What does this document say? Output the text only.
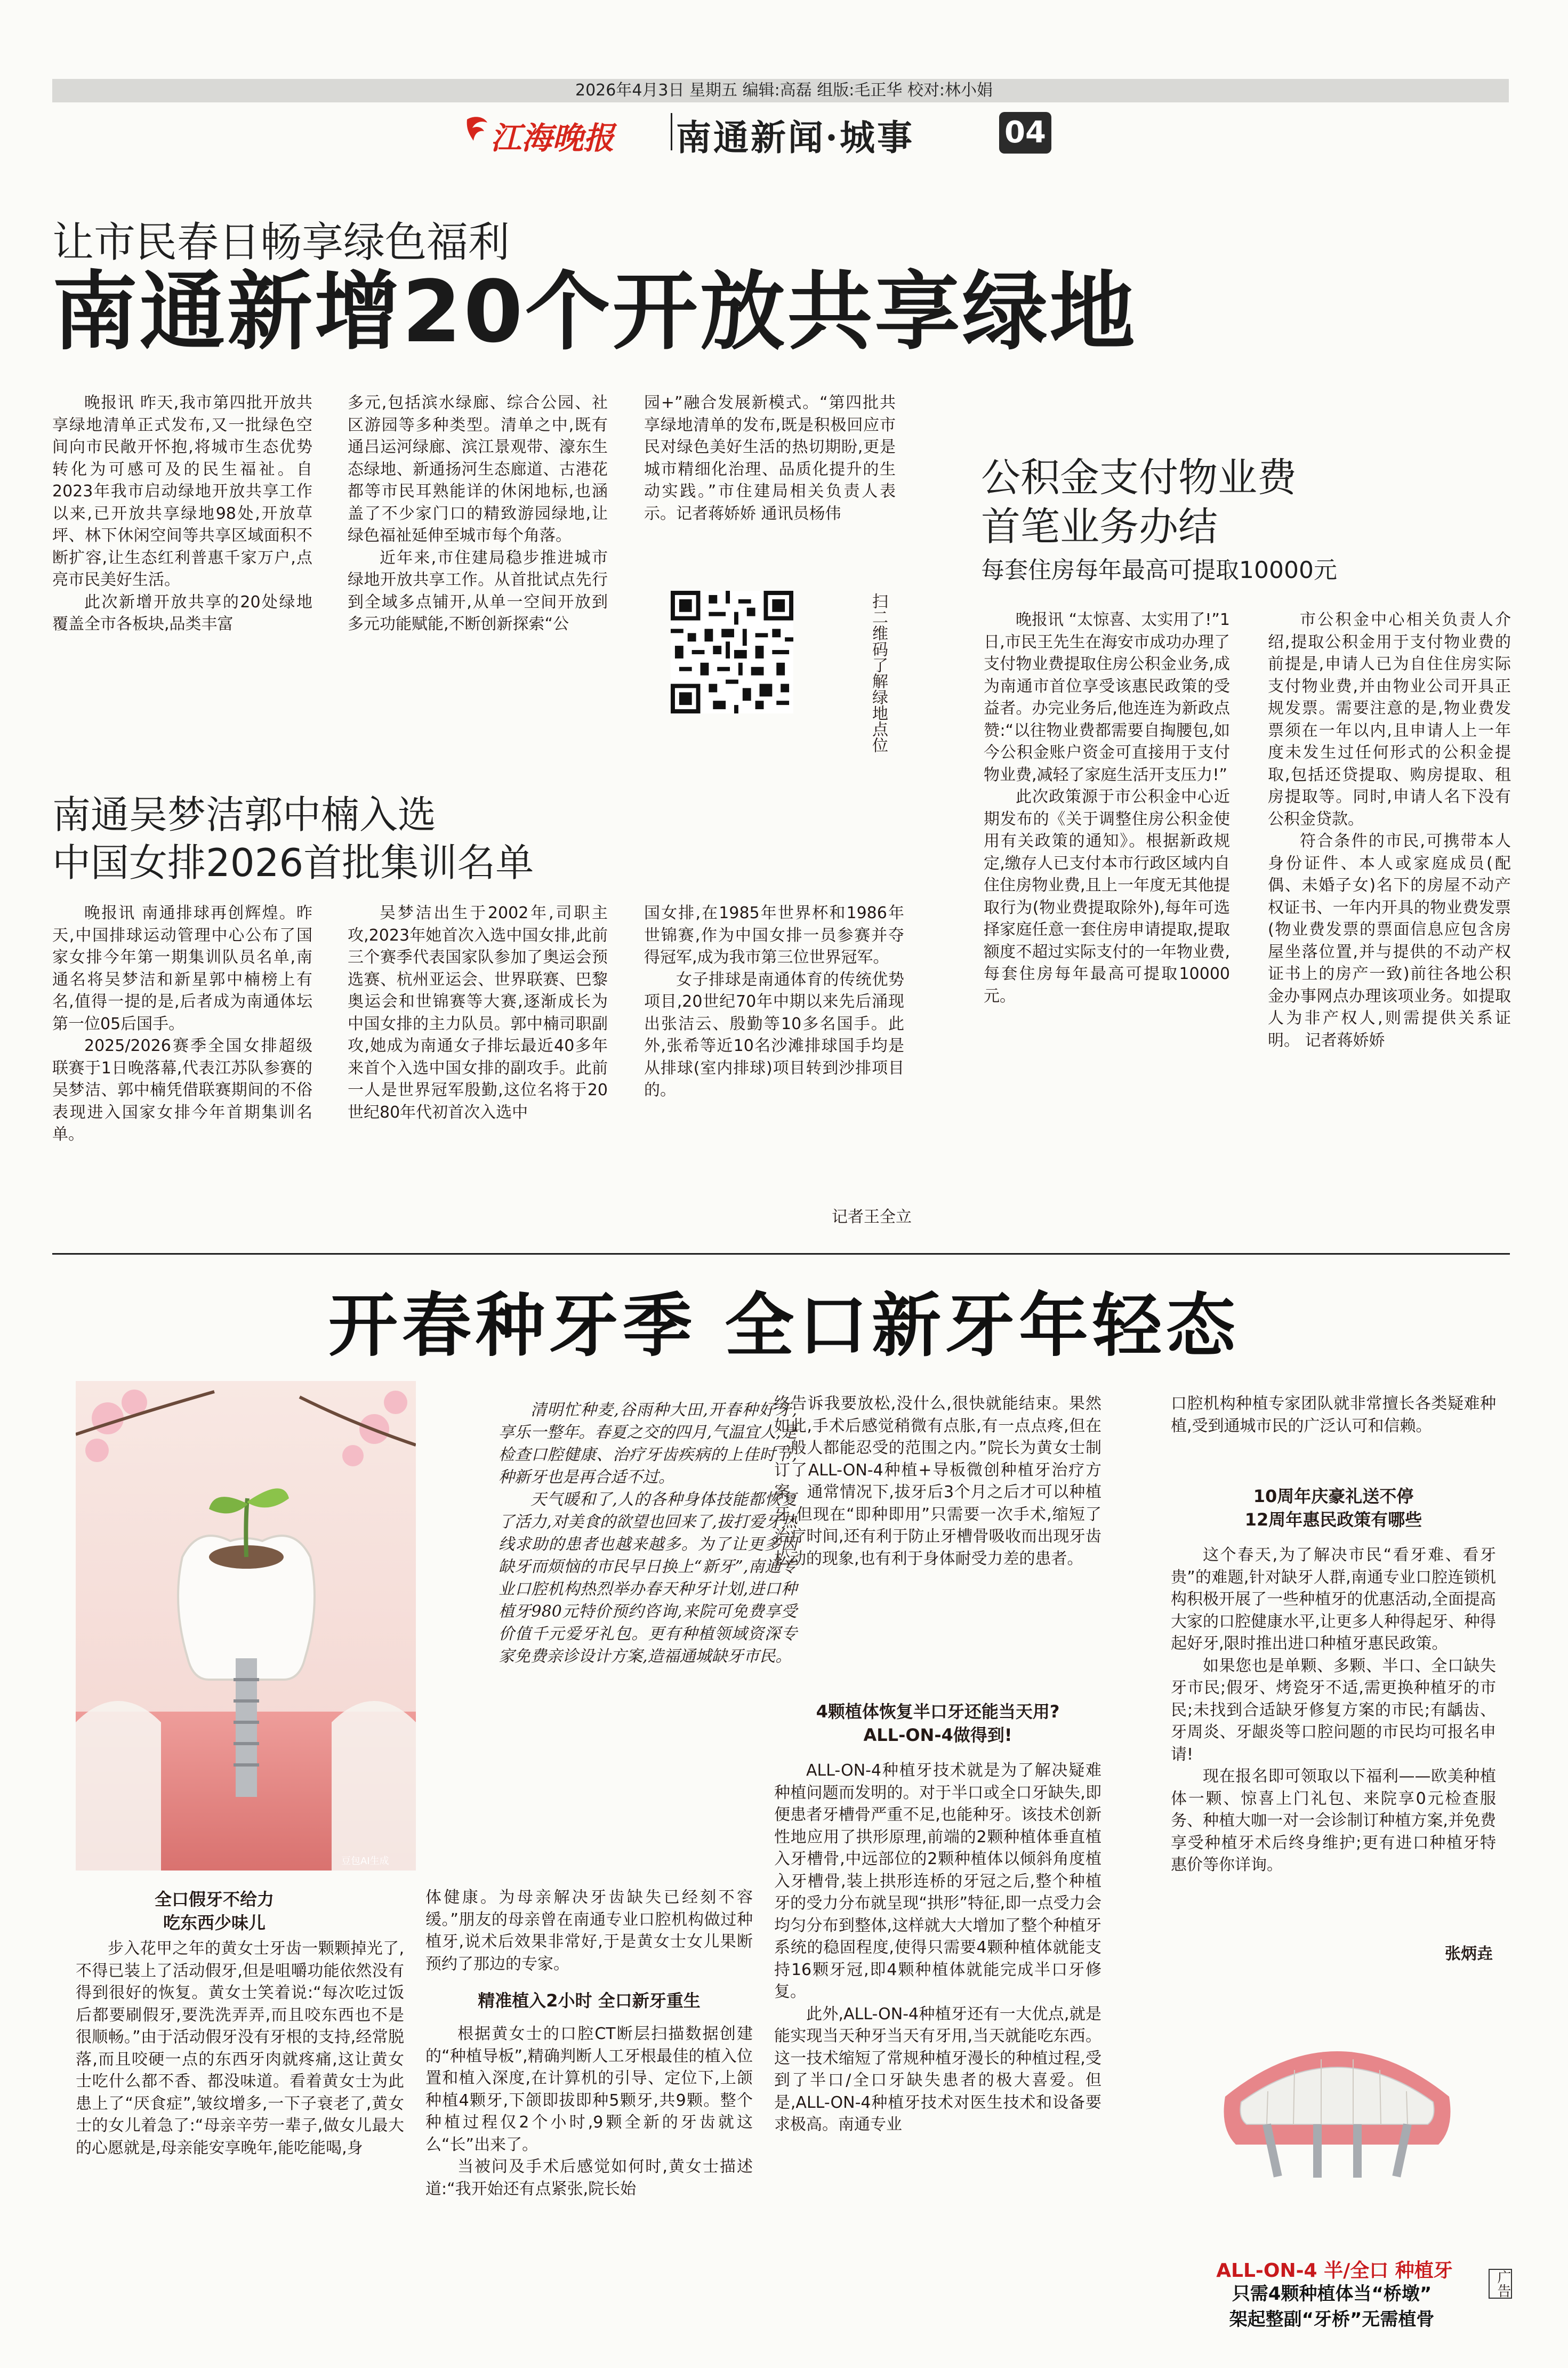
2026年4月3日 星期五 编辑:高磊 组版:毛正华 校对:林小娟
江海晚报 南通新闻·城事	04
让市民春日畅享绿色福利
南通新增20个开放共享绿地

晚报讯 昨天,我市第四批开放共享绿地清单正式发布,又一批绿色空间向市民敞开怀抱,将城市生态优势转化为可感可及的民生福祉。自2023年我市启动绿地开放共享工作以来,已开放共享绿地98处,开放草坪、林下休闲空间等共享区域面积不断扩容,让生态红利普惠千家万户,点亮市民美好生活。

此次新增开放共享的20处绿地覆盖全市各板块,品类丰富

多元,包括滨水绿廊、综合公园、社区游园等多种类型。清单之中,既有通吕运河绿廊、滨江景观带、濠东生态绿地、新通扬河生态廊道、古港花都等市民耳熟能详的休闲地标,也涵盖了不少家门口的精致游园绿地,让绿色福祉延伸至城市每个角落。

近年来,市住建局稳步推进城市绿地开放共享工作。从首批试点先行到全域多点铺开,从单一空间开放到多元功能赋能,不断创新探索“公

园+”融合发展新模式。“第四批共享绿地清单的发布,既是积极回应市民对绿色美好生活的热切期盼,更是城市精细化治理、品质化提升的生动实践。”市住建局相关负责人表示。记者蒋娇娇 通讯员杨伟

扫二维码了解绿地点位
公积金支付物业费
首笔业务办结
每套住房每年最高可提取10000元

晚报讯 “太惊喜、太实用了!”1日,市民王先生在海安市成功办理了支付物业费提取住房公积金业务,成为南通市首位享受该惠民政策的受益者。办完业务后,他连连为新政点赞:“以往物业费都需要自掏腰包,如今公积金账户资金可直接用于支付物业费,减轻了家庭生活开支压力!”

此次政策源于市公积金中心近期发布的《关于调整住房公积金使用有关政策的通知》。根据新政规定,缴存人已支付本市行政区域内自住住房物业费,且上一年度无其他提取行为(物业费提取除外),每年可选择家庭任意一套住房申请提取,提取额度不超过实际支付的一年物业费,每套住房每年最高可提取10000元。

市公积金中心相关负责人介绍,提取公积金用于支付物业费的前提是,申请人已为自住住房实际支付物业费,并由物业公司开具正规发票。需要注意的是,物业费发票须在一年以内,且申请人上一年度未发生过任何形式的公积金提取,包括还贷提取、购房提取、租房提取等。同时,申请人名下没有公积金贷款。

符合条件的市民,可携带本人身份证件、本人或家庭成员(配偶、未婚子女)名下的房屋不动产权证书、一年内开具的物业费发票(物业费发票的票面信息应包含房屋坐落位置,并与提供的不动产权证书上的房产一致)前往各地公积金办事网点办理该项业务。如提取人为非产权人,则需提供关系证明。 记者蒋娇娇

南通吴梦洁郭中楠入选
中国女排2026首批集训名单

晚报讯 南通排球再创辉煌。昨天,中国排球运动管理中心公布了国家女排今年第一期集训队员名单,南通名将吴梦洁和新星郭中楠榜上有名,值得一提的是,后者成为南通体坛第一位05后国手。

2025/2026赛季全国女排超级联赛于1日晚落幕,代表江苏队参赛的吴梦洁、郭中楠凭借联赛期间的不俗表现进入国家女排今年首期集训名单。

吴梦洁出生于2002年,司职主攻,2023年她首次入选中国女排,此前三个赛季代表国家队参加了奥运会预选赛、杭州亚运会、世界联赛、巴黎奥运会和世锦赛等大赛,逐渐成长为中国女排的主力队员。郭中楠司职副攻,她成为南通女子排坛最近40多年来首个入选中国女排的副攻手。此前一人是世界冠军殷勤,这位名将于20世纪80年代初首次入选中

国女排,在1985年世界杯和1986年世锦赛,作为中国女排一员参赛并夺得冠军,成为我市第三位世界冠军。

女子排球是南通体育的传统优势项目,20世纪70年中期以来先后涌现出张洁云、殷勤等10多名国手。此外,张希等近10名沙滩排球国手均是从排球(室内排球)项目转到沙排项目的。

记者王全立
开春种牙季 全口新牙年轻态
豆包AI生成

清明忙种麦,谷雨种大田,开春种好牙,享乐一整年。春夏之交的四月,气温宜人,是检查口腔健康、治疗牙齿疾病的上佳时节,种新牙也是再合适不过。

天气暖和了,人的各种身体技能都恢复了活力,对美食的欲望也回来了,拔打爱牙热线求助的患者也越来越多。为了让更多因缺牙而烦恼的市民早日换上“新牙”,南通专业口腔机构热烈举办春天种牙计划,进口种植牙980元特价预约咨询,来院可免费享受价值千元爱牙礼包。更有种植领域资深专家免费亲诊设计方案,造福通城缺牙市民。

全口假牙不给力
吃东西少味儿

步入花甲之年的黄女士牙齿一颗颗掉光了,不得已装上了活动假牙,但是咀嚼功能依然没有得到很好的恢复。黄女士笑着说:“每次吃过饭后都要刷假牙,要洗洗弄弄,而且咬东西也不是很顺畅。”由于活动假牙没有牙根的支持,经常脱落,而且咬硬一点的东西牙肉就疼痛,这让黄女士吃什么都不香、都没味道。看着黄女士为此患上了“厌食症”,皱纹增多,一下子衰老了,黄女士的女儿着急了:“母亲辛劳一辈子,做女儿最大的心愿就是,母亲能安享晚年,能吃能喝,身

体健康。为母亲解决牙齿缺失已经刻不容缓。”朋友的母亲曾在南通专业口腔机构做过种植牙,说术后效果非常好,于是黄女士女儿果断预约了那边的专家。

精准植入2小时 全口新牙重生

根据黄女士的口腔CT断层扫描数据创建的“种植导板”,精确判断人工牙根最佳的植入位置和植入深度,在计算机的引导、定位下,上颌种植4颗牙,下颌即拔即种5颗牙,共9颗。整个种植过程仅2个小时,9颗全新的牙齿就这么“长”出来了。

当被问及手术后感觉如何时,黄女士描述道:“我开始还有点紧张,院长始

终告诉我要放松,没什么,很快就能结束。果然如此,手术后感觉稍微有点胀,有一点点疼,但在一般人都能忍受的范围之内。”院长为黄女士制订了ALL-ON-4种植+导板微创种植牙治疗方案。通常情况下,拔牙后3个月之后才可以种植牙,但现在“即种即用”只需要一次手术,缩短了治疗时间,还有利于防止牙槽骨吸收而出现牙齿松动的现象,也有利于身体耐受力差的患者。

4颗植体恢复半口牙还能当天用?
ALL-ON-4做得到!

ALL-ON-4种植牙技术就是为了解决疑难种植问题而发明的。对于半口或全口牙缺失,即便患者牙槽骨严重不足,也能种牙。该技术创新性地应用了拱形原理,前端的2颗种植体垂直植入牙槽骨,中远部位的2颗种植体以倾斜角度植入牙槽骨,装上拱形连桥的牙冠之后,整个种植牙的受力分布就呈现“拱形”特征,即一点受力会均匀分布到整体,这样就大大增加了整个种植牙系统的稳固程度,使得只需要4颗种植体就能支持16颗牙冠,即4颗种植体就能完成半口牙修复。

此外,ALL-ON-4种植牙还有一大优点,就是能实现当天种牙当天有牙用,当天就能吃东西。这一技术缩短了常规种植牙漫长的种植过程,受到了半口/全口牙缺失患者的极大喜爱。但是,ALL-ON-4种植牙技术对医生技术和设备要求极高。南通专业

口腔机构种植专家团队就非常擅长各类疑难种植,受到通城市民的广泛认可和信赖。

10周年庆豪礼送不停
12周年惠民政策有哪些

这个春天,为了解决市民“看牙难、看牙贵”的难题,针对缺牙人群,南通专业口腔连锁机构积极开展了一些种植牙的优惠活动,全面提高大家的口腔健康水平,让更多人种得起牙、种得起好牙,限时推出进口种植牙惠民政策。

如果您也是单颗、多颗、半口、全口缺失牙市民;假牙、烤瓷牙不适,需更换种植牙的市民;未找到合适缺牙修复方案的市民;有龋齿、牙周炎、牙龈炎等口腔问题的市民均可报名申请!

现在报名即可领取以下福利——欧美种植体一颗、惊喜上门礼包、来院享0元检查服务、种植大咖一对一会诊制订种植方案,并免费享受种植牙术后终身维护;更有进口种植牙特惠价等你详询。

张炳垚
ALL-ON-4 半/全口 种植牙
只需4颗种植体当“桥墩”
架起整副“牙桥”无需植骨
广告
